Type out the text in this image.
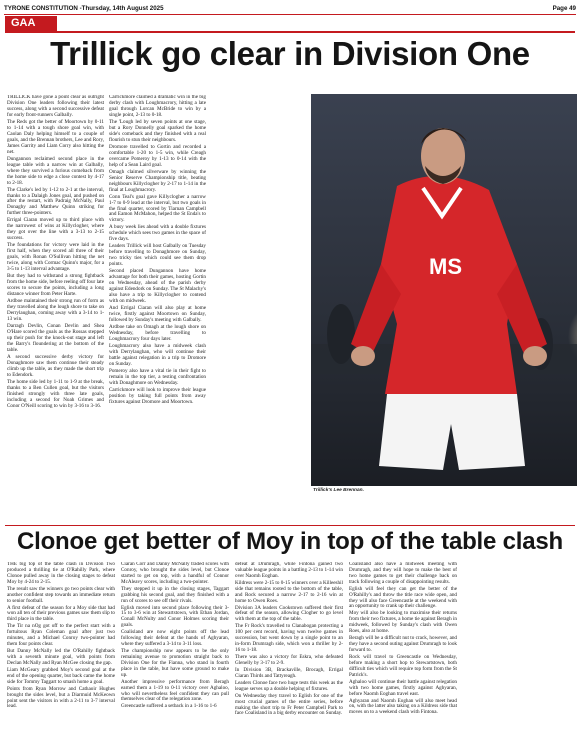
TYRONE CONSTITUTION -Thursday, 14th August 2025	Page 49
GAA
Trillick go clear in Division One

TRILLICK have gone a point clear as outright Division One leaders following their latest success, along with a second successive defeat for early front-runners Galbally.

The Reds got the better of Moortown by 0-11 to 1-14 with a tough shore goal win, with Caolan Daly helping himself to a couple of goals, and the Brennan brothers, Lee and Rory, James Garrity and Liam Corry also hitting the net.

Dungannon reclaimed second place in the league table with a narrow win at Galbally, where they survived a furious comeback from the home side to edge a close contest by 4-17 to 2-18.

The Clarke's led by 1-12 to 2-1 at the interval, thanks to a Dalaigh Jones goal, and pushed on after the restart, with Padraig McNally, Paul Donaghy and Matthew Quinn striking for further three-pointers.

Errigal Ciaran moved up to third place with the narrowest of wins at Killyclogher, where they got over the line with a 3-13 to 2-15 success.

The foundations for victory were laid in the first half, when they scored all three of their goals, with Ronan O'Sullivan hitting the net twice, along with Cormac Quinn's major, for a 3-5 to 1-13 interval advantage.

But they had to withstand a strong fightback from the home side, before reeling off four late scores to secure the points, including a long distance winner from Peter Harte.

Ardboe maintained their strong run of form as they travelled along the lough shore to take on Derrylaughan, coming away with a 3-14 to 1-13 win.

Darragh Devlin, Conan Devlin and Shea O'Hare scored the goals as the Rossas stepped up their push for the knock-out stage and left the Barry's floundering at the bottom of the table.

A second successive derby victory for Donaghmore saw them continue their steady climb up the table, as they made the short trip to Edendork.

The home side led by 1-11 to 1-9 at the break, thanks to a Ben Cullen goal, but the visitors finished strongly with three late goals, including a second for Noah Grimes and Conor O'Neill scoring to win by 3-16 to 3-16.

Carrickmore claimed a dramatic win in the big derby clash with Loughmacrory, hitting a late goal through Lorcan McBride to win by a single point, 2-13 to 0-18.

The 'Lough led by seven points at one stage, but a Rory Donnelly goal sparked the home side's comeback and they finished with a real flourish to stun their neighbours.

Dromore travelled to Gortin and recorded a comfortable 1-20 to 1-5 win, while Creagh overcame Pomeroy by 1-13 to 0-14 with the help of a Sean Laird goal.

Omagh claimed silverware by winning the Senior Reserve Championship title, beating neighbours Killyclogher by 2-17 to 1-14 in the final at Loughmacrory.

Conn Teal's goal gave Killyclogher a narrow 1-7 to 0-9 lead at the interval, but two goals in the final quarter, scored by Tiarnan Campbell and Eamon McMahon, helped the St Enda's to victory.

A busy week lies ahead with a double fixtures schedule which sees two games in the space of five days.

Leaders Trillick will host Galbally on Tuesday before travelling to Donaghmore on Sunday, two tricky ties which could see them drop points.

Second placed Dungannon have home advantage for both their games, hosting Gortin on Wednesday, ahead of the parish derby against Edendork on Sunday. The St Malachy's also have a trip to Killyclogher to contend with on midweek.

And Errigal Ciaran will also play at home twice, firstly against Moortown on Sunday, followed by Sunday's meeting with Galbally.

Ardboe take on Omagh at the lough shore on Wednesday, before travelling to Loughmacrory four days later.

Loughmacrory also have a midweek clash with Derrylaughan, who will continue their battle against relegation in a trip to Dromore on Sunday.

Pomeroy also have a vital tie in their fight to remain in the top tier, a testing confrontation with Donaghmore on Wednesday.

Carrickmore will look to improve their league position by taking full points from away fixtures against Dromore and Moortown.

MS
Trillick's Lee Brennan.
Clonoe get better of Moy in top of the table clash

THE big top of the table clash in Division Two produced a thrilling tie at O'Rahilly Park, where Clonoe pulled away in the closing stages to defeat Moy by 4-24 to 2-15.

The result saw the winners go two points clear with another confident step towards an immediate return to senior football.

A first defeat of the season for a Moy side that had won all ten of their previous games saw them slip to third place in the table.

The Tir na nOg got off to the perfect start with a fortuitous Ryan Coleman goal after just two minutes, and a Michael Conroy two-pointer had them four points clear.

But Danny McNally led the O'Rahilly fightback with a seventh minute goal, with points from Declan McNally and Ryan McGee closing the gap.

Liam McGeary grabbed Moy's second goal at the end of the opening quarter, but back came the home side for Tommy Taggart to smash home a goal.

Points from Ryan Morrow and Cathaoir Hughes brought the sides level, but a Diarmuid McKeown point sent the visitors in with a 2-11 to 3-7 interval lead.

Ciaran Corr and Danny McNally traded scores with Conroy, who brought the sides level, but Clonoe started to get on top, with a handful of Connor McAleavy scores, including a two-pointer.

They stepped it up in the closing stages, Taggart grabbing his second goal, and they finished with a run of scores to see off their rivals.

Eglish moved into second place following their 3-15 to 3-6 win at Stewartstown, with Ethan Jordan, Conall McNulty and Conor Holmes scoring their goals.

Coalisland are now eight points off the lead following their defeat at the hands of Aghyaran, where they suffered a 3-14 to 3-11 loss.

The championship now appears to be the only remaining avenue to promotion straight back to Division One for the Fianna, who stand in fourth place in the table, but have some ground to make up.

Another impressive performance from Beragh earned them a 1-19 to 0-11 victory over Aghaloo, who will nevertheless feel confident they can pull themselves clear of the relegation zone.

Greencastle suffered a setback in a 1-16 to 1-6

defeat at Drumragh, while Fintona gained two valuable league points in a battling 2-13 to 1-14 win over Naomh Eoghan.

Kildress were 2-15 to 0-15 winners over a Killeeshil side that remains rooted to the bottom of the table, and Rock secured a narrow 2-17 to 2-16 win at home to Owen Roes.

Division 3A leaders Cookstown suffered their first defeat of the season, allowing Clogher to go level with them at the top of the table.

The Fr Rock's travelled to Clanabogan protecting a 100 per cent record, having won twelve games in succession, but went down by a single point to an in-form Drumragh side, which won a thriller by 2-16 to 1-18.

There was also a victory for Eskra, who defeated Glenelly by 3-17 to 2-9.

In Division 3B, Brackaville, Brocagh, Errigal Ciaran Thirds and Tattyreagh.

Leaders Clonoe face two huge tests this week as the league serves up a double helping of fixtures.

On Wednesday they travel to Eglish for one of the most crucial games of the entire series, before making the short trip to Fr Peter Campbell Park to face Coalisland in a big derby encounter on Sunday.

Coalisland also have a midweek meeting with Drumragh, and they will hope to make the best of two home games to get their challenge back on track following a couple of disappointing results.

Eglish will feel they can get the better of the O'Rahilly's and throw the title race wide open, and they will also face Greencastle at the weekend with an opportunity to crank up their challenge.

Moy will also be looking to maximise their returns from their two fixtures, a home tie against Beragh in midweek, followed by Sunday's clash with Owen Roes, also at home.

Beragh will be a difficult nut to crack, however, and they have a second outing against Drumragh to look forward to.

Rock will travel to Greencastle on Wednesday, before making a short hop to Stewartstown, both difficult ties which will require top form from the St Patrick's.

Aghaloo will continue their battle against relegation with two home games, firstly against Aghyaran, before Naomh Eoghan travel east.

Aghyaran and Naomh Eoghan will also meet head on, with the latter also taking on a Kildress side that moves on to a weekend clash with Fintona.
